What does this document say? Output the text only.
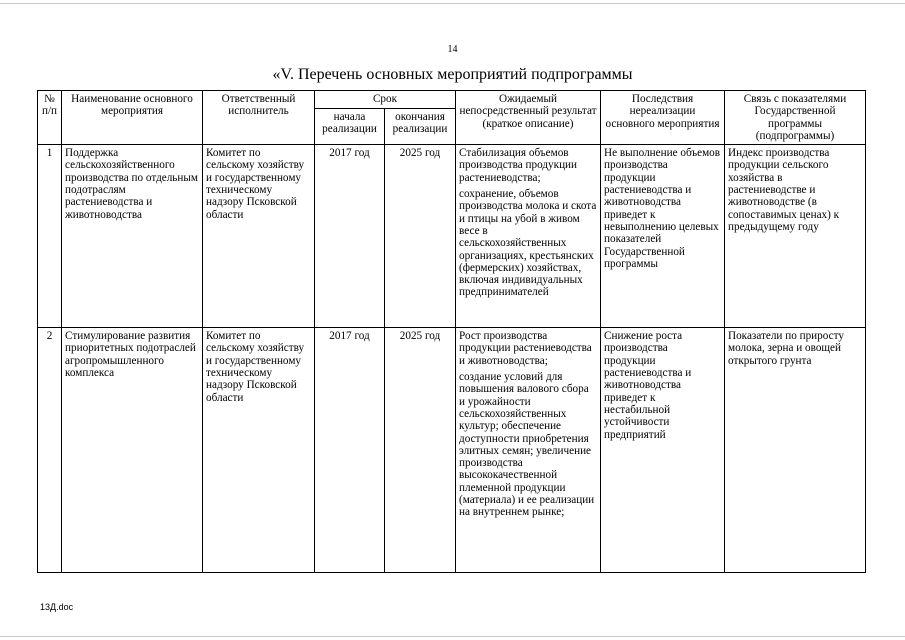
14
«V. Перечень основных мероприятий подпрограммы
№ п/п	Наименование основного мероприятия	Ответственный исполнитель	Срок		Ожидаемый непосредственный результат (краткое описание)	Последствия нереализации основного мероприятия	Связь с показателями Государственной программы (подпрограммы)
			начала реализации	окончания реализации			
1	Поддержка сельскохозяйственного производства по отдельным подотраслям растениеводства и животноводства	Комитет по сельскому хозяйству и государственному техническому надзору Псковской области	2017 год	2025 год	Стабилизация объемов производства продукции растениеводства;

сохранение, объемов производства молока и скота и птицы на убой в живом весе в сельскохозяйственных организациях, крестьянских (фермерских) хозяйствах, включая индивидуальных предпринимателей	Не выполнение объемов производства продукции растениеводства и животноводства приведет к невыполнению целевых показателей Государственной программы	Индекс производства продукции сельского хозяйства в растениеводстве и животноводстве (в сопоставимых ценах) к предыдущему году
2	Стимулирование развития приоритетных подотраслей агропромышленного комплекса	Комитет по сельскому хозяйству и государственному техническому надзору Псковской области	2017 год	2025 год	Рост производства продукции растениеводства и животноводства;

создание условий для повышения валового сбора и урожайности сельскохозяйственных культур; обеспечение доступности приобретения элитных семян; увеличение производства высококачественной племенной продукции (материала) и ее реализации на внутреннем рынке;	Снижение роста производства продукции растениеводства и животноводства приведет к нестабильной устойчивости предприятий	Показатели по приросту молока, зерна и овощей открытого грунта
13Д.doc
